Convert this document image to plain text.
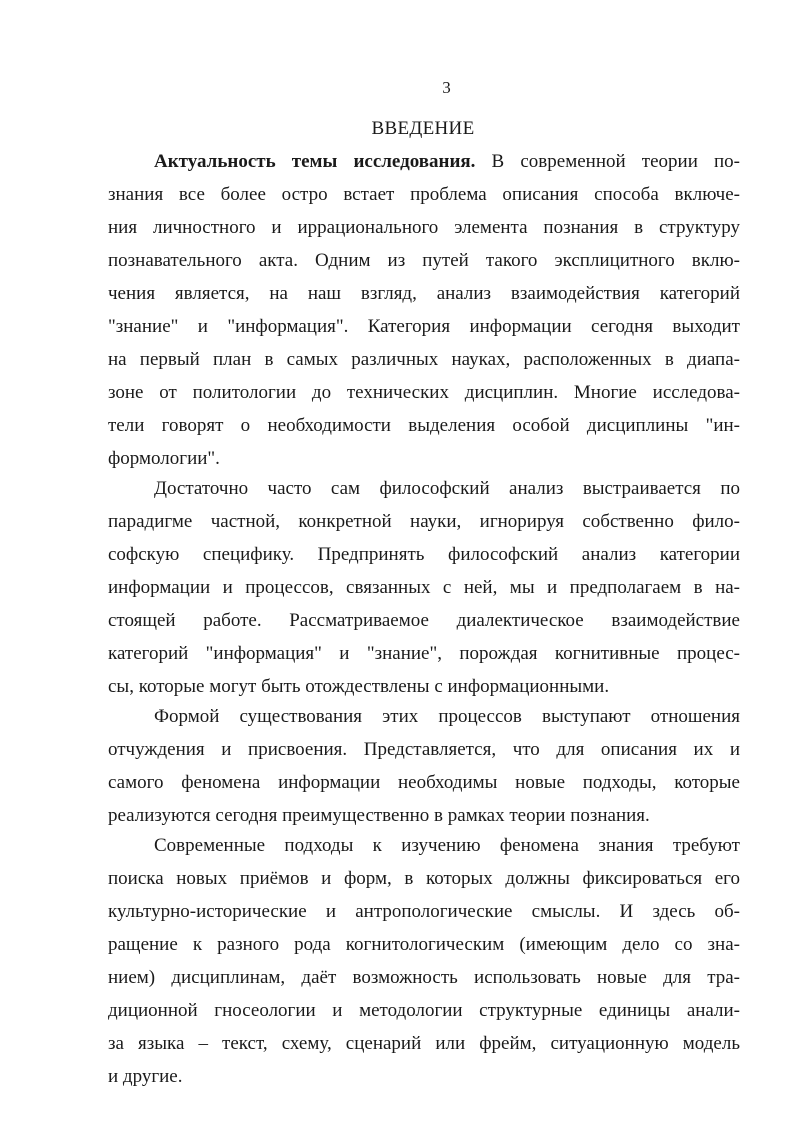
3
ВВЕДЕНИЕ
Актуальность темы исследования. В современной теории по-
знания все более остро встает проблема описания способа включе-
ния личностного и иррационального элемента познания в структуру
познавательного акта. Одним из путей такого эксплицитного вклю-
чения является, на наш взгляд, анализ взаимодействия категорий
"знание" и "информация". Категория информации сегодня выходит
на первый план в самых различных науках, расположенных в диапа-
зоне от политологии до технических дисциплин. Многие исследова-
тели говорят о необходимости выделения особой дисциплины "ин-
формологии".
Достаточно часто сам философский анализ выстраивается по
парадигме частной, конкретной науки, игнорируя собственно фило-
софскую специфику. Предпринять философский анализ категории
информации и процессов, связанных с ней, мы и предполагаем в на-
стоящей работе. Рассматриваемое диалектическое взаимодействие
категорий "информация" и "знание", порождая когнитивные процес-
сы, которые могут быть отождествлены с информационными.
Формой существования этих процессов выступают отношения
отчуждения и присвоения. Представляется, что для описания их и
самого феномена информации необходимы новые подходы, которые
реализуются сегодня преимущественно в рамках теории познания.
Современные подходы к изучению феномена знания требуют
поиска новых приёмов и форм, в которых должны фиксироваться его
культурно-исторические и антропологические смыслы. И здесь об-
ращение к разного рода когнитологическим (имеющим дело со зна-
нием) дисциплинам, даёт возможность использовать новые для тра-
диционной гносеологии и методологии структурные единицы анали-
за языка – текст, схему, сценарий или фрейм, ситуационную модель
и другие.
